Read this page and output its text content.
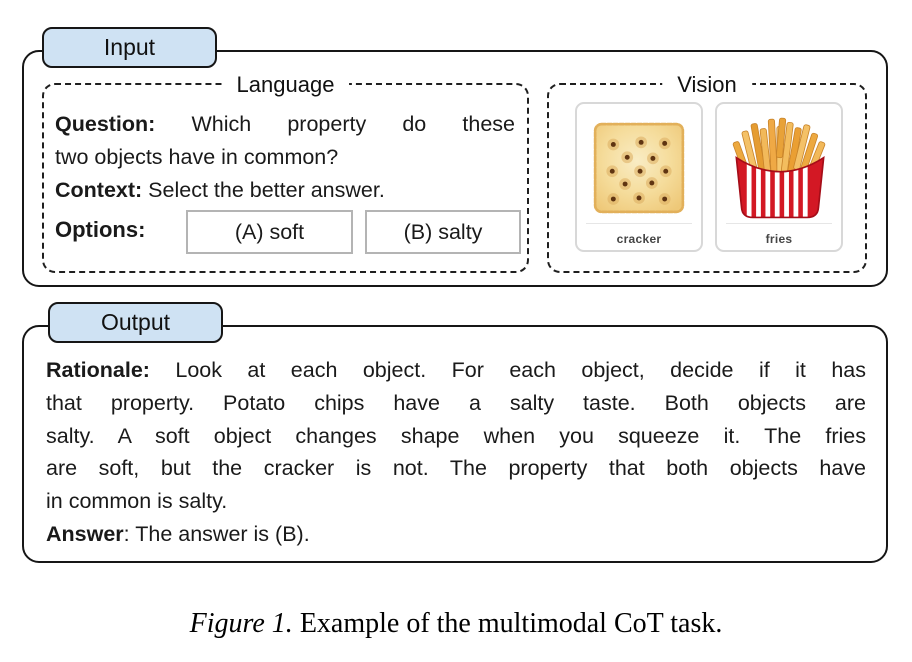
Input
Language
Question: Which property do these
two objects have in common?
Context: Select the better answer.
Options:	(A) soft	(B) salty
Vision
cracker	fries
Output
Rationale: Look at each object. For each object, decide if it has
that property. Potato chips have a salty taste. Both objects are
salty. A soft object changes shape when you squeeze it. The fries
are soft, but the cracker is not. The property that both objects have
in common is salty.
Answer: The answer is (B).
Figure 1. Example of the multimodal CoT task.
